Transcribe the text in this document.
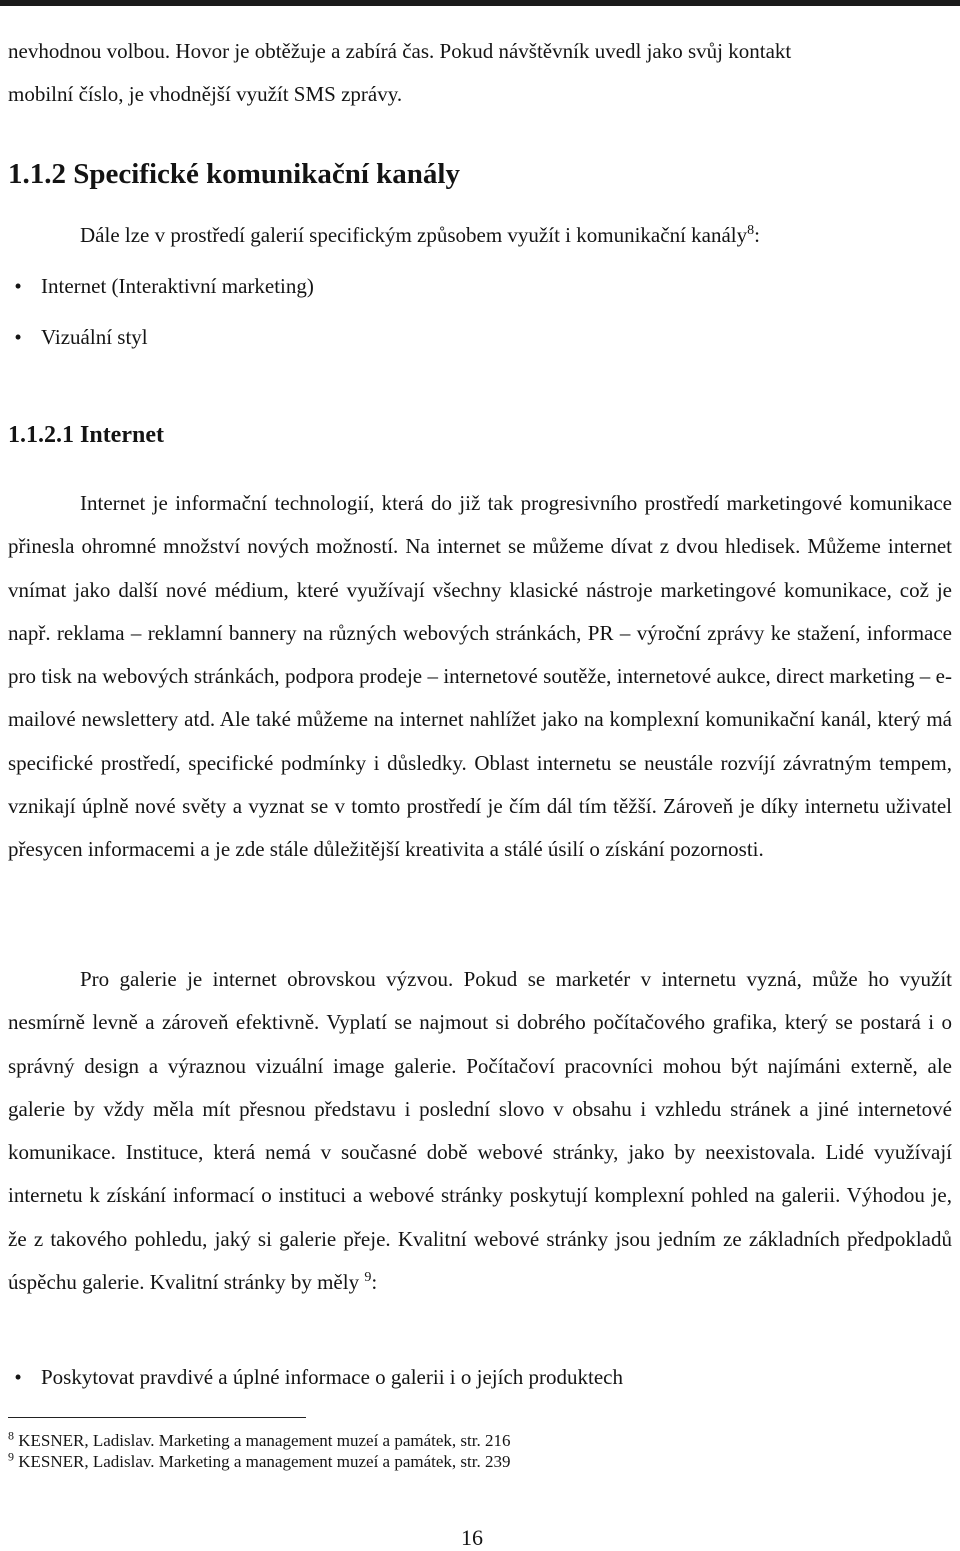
nevhodnou volbou. Hovor je obtěžuje a zabírá čas. Pokud návštěvník uvedl jako svůj kontakt

mobilní číslo, je vhodnější využít SMS zprávy.

1.1.2 Specifické komunikační kanály
Dále lze v prostředí galerií specifickým způsobem využít i komunikační kanály$^8$:
• Internet (Interaktivní marketing)
• Vizuální styl
1.1.2.1 Internet

Internet je informační technologií, která do již tak progresivního prostředí marketingové komunikace přinesla ohromné množství nových možností. Na internet se můžeme dívat z dvou hledisek. Můžeme internet vnímat jako další nové médium, které využívají všechny klasické nástroje marketingové komunikace, což je např. reklama – reklamní bannery na různých webových stránkách, PR – výroční zprávy ke stažení, informace pro tisk na webových stránkách, podpora prodeje – internetové soutěže, internetové aukce, direct marketing – e-mailové newslettery atd. Ale také můžeme na internet nahlížet jako na komplexní komunikační kanál, který má specifické prostředí, specifické podmínky i důsledky. Oblast internetu se neustále rozvíjí závratným tempem, vznikají úplně nové světy a vyznat se v tomto prostředí je čím dál tím těžší. Zároveň je díky internetu uživatel přesycen informacemi a je zde stále důležitější kreativita a stálé úsilí o získání pozornosti.

Pro galerie je internet obrovskou výzvou. Pokud se marketér v internetu vyzná, může ho využít nesmírně levně a zároveň efektivně. Vyplatí se najmout si dobrého počítačového grafika, který se postará i o správný design a výraznou vizuální image galerie. Počítačoví pracovníci mohou být najímáni externě, ale galerie by vždy měla mít přesnou představu i poslední slovo v obsahu i vzhledu stránek a jiné internetové komunikace. Instituce, která nemá v současné době webové stránky, jako by neexistovala. Lidé využívají internetu k získání informací o instituci a webové stránky poskytují komplexní pohled na galerii. Výhodou je, že z takového pohledu, jaký si galerie přeje. Kvalitní webové stránky jsou jedním ze základních předpokladů úspěchu galerie. Kvalitní stránky by měly $^9$:

• Poskytovat pravdivé a úplné informace o galerii i o jejích produktech
$^8$ KESNER, Ladislav. Marketing a management muzeí a památek, str. 216
$^9$ KESNER, Ladislav. Marketing a management muzeí a památek, str. 239
16
